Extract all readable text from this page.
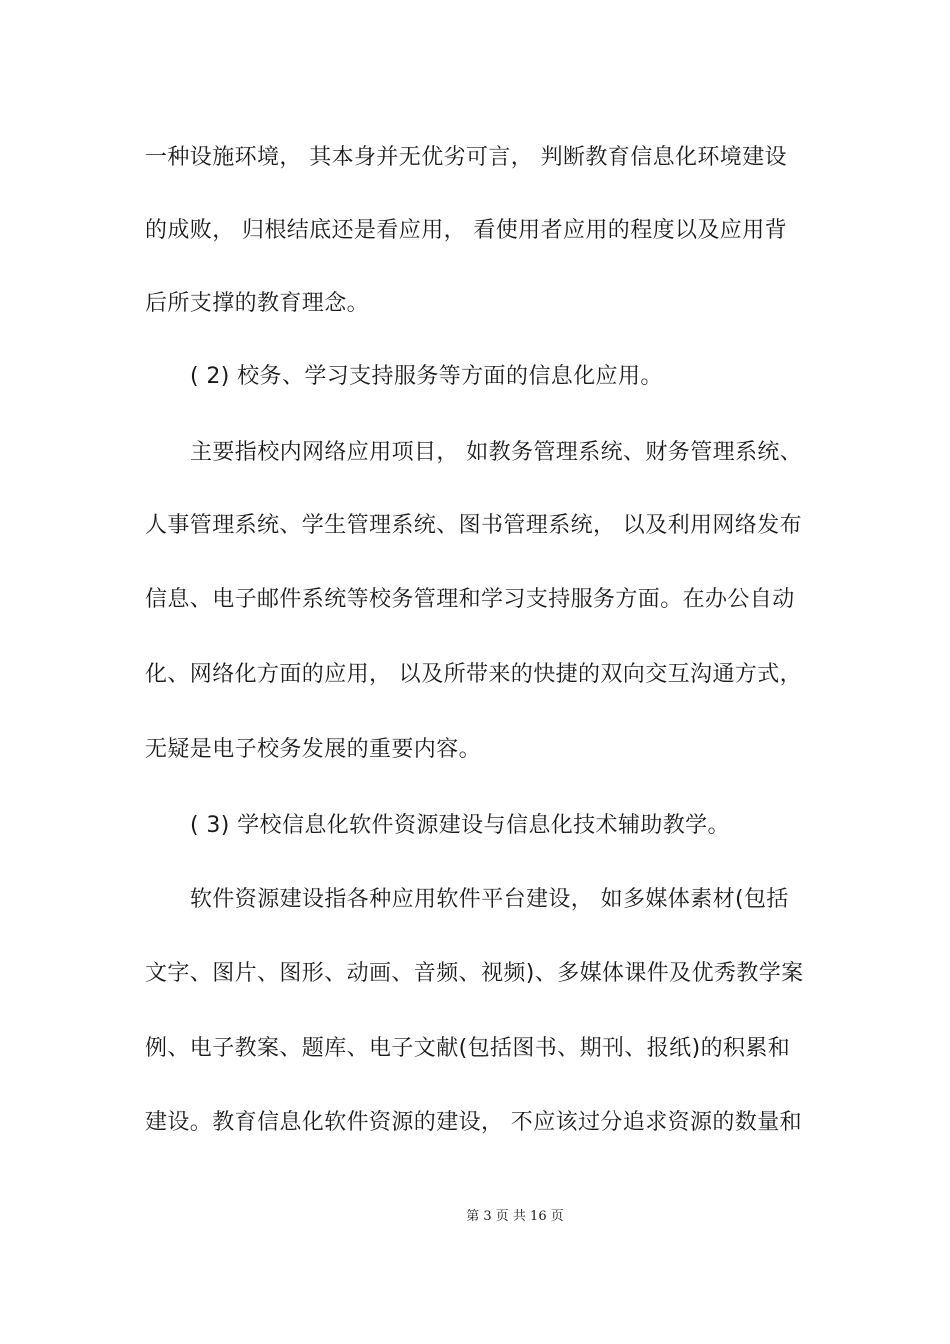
一种设施环境， 其本身并无优劣可言， 判断教育信息化环境建设
的成败， 归根结底还是看应用， 看使用者应用的程度以及应用背
后所支撑的教育理念。
( 2) 校务、学习支持服务等方面的信息化应用。
主要指校内网络应用项目， 如教务管理系统、财务管理系统、
人事管理系统、学生管理系统、图书管理系统， 以及利用网络发布
信息、电子邮件系统等校务管理和学习支持服务方面。在办公自动
化、网络化方面的应用， 以及所带来的快捷的双向交互沟通方式，
无疑是电子校务发展的重要内容。
( 3) 学校信息化软件资源建设与信息化技术辅助教学。
软件资源建设指各种应用软件平台建设， 如多媒体素材(包括
文字、图片、图形、动画、音频、视频)、多媒体课件及优秀教学案
例、电子教案、题库、电子文献(包括图书、期刊、报纸)的积累和
建设。教育信息化软件资源的建设， 不应该过分追求资源的数量和
第 3 页 共 16 页
